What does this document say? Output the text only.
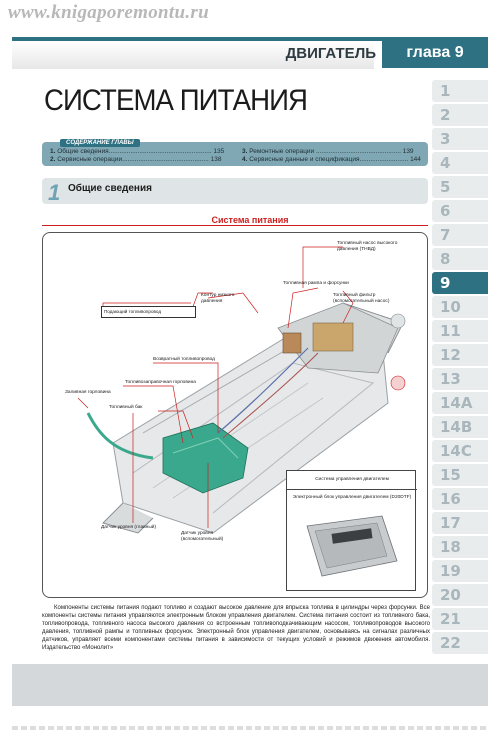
www.knigaporemontu.ru
ДВИГАТЕЛЬ	глава 9
СИСТЕМА ПИТАНИЯ
СОДЕРЖАНИЕ ГЛАВЫ
1. Общие сведения......................................................... 135
2. Сервисные операции................................................ 138
3. Ремонтные операции ............................................... 139
4. Сервисные данные и спецификация........................... 144
1 Общие сведения
Система питания
Топливный насос высокого давления (ТНВД)
Топливная рампа и форсунки
Контур низкого давления
Подающий топливопровод
Топливный фильтр (вспомогательный насос)
Возвратный топливопровод
Топливозаправочная горловина
Заливная горловина
Топливный бак
Датчик уровня (главный)
Датчик уровня (вспомогательный)
Система управления двигателем
Электронный блок управления двигателем (D20DTF)

Компоненты системы питания подают топливо и создают высокое давление для впрыска топлива в цилиндры через форсунки. Все компоненты системы питания управляются электронным блоком управления двигателем. Система питания состоит из топливного бака, топливопровода, топливного насоса высокого давления со встроенным топливоподкачивающим насосом, топливопроводов высокого давления, топливной рампы и топливных форсунок. Электронный блок управления двигателем, основываясь на сигналах различных датчиков, управляет всеми компонентами системы питания в зависимости от текущих условий и режимов движения автомобиля. Издательство «Монолит»

1
2
3
4
5
6
7
8
9
10
11
12
13
14A
14B
14C
15
16
17
18
19
20
21
22
